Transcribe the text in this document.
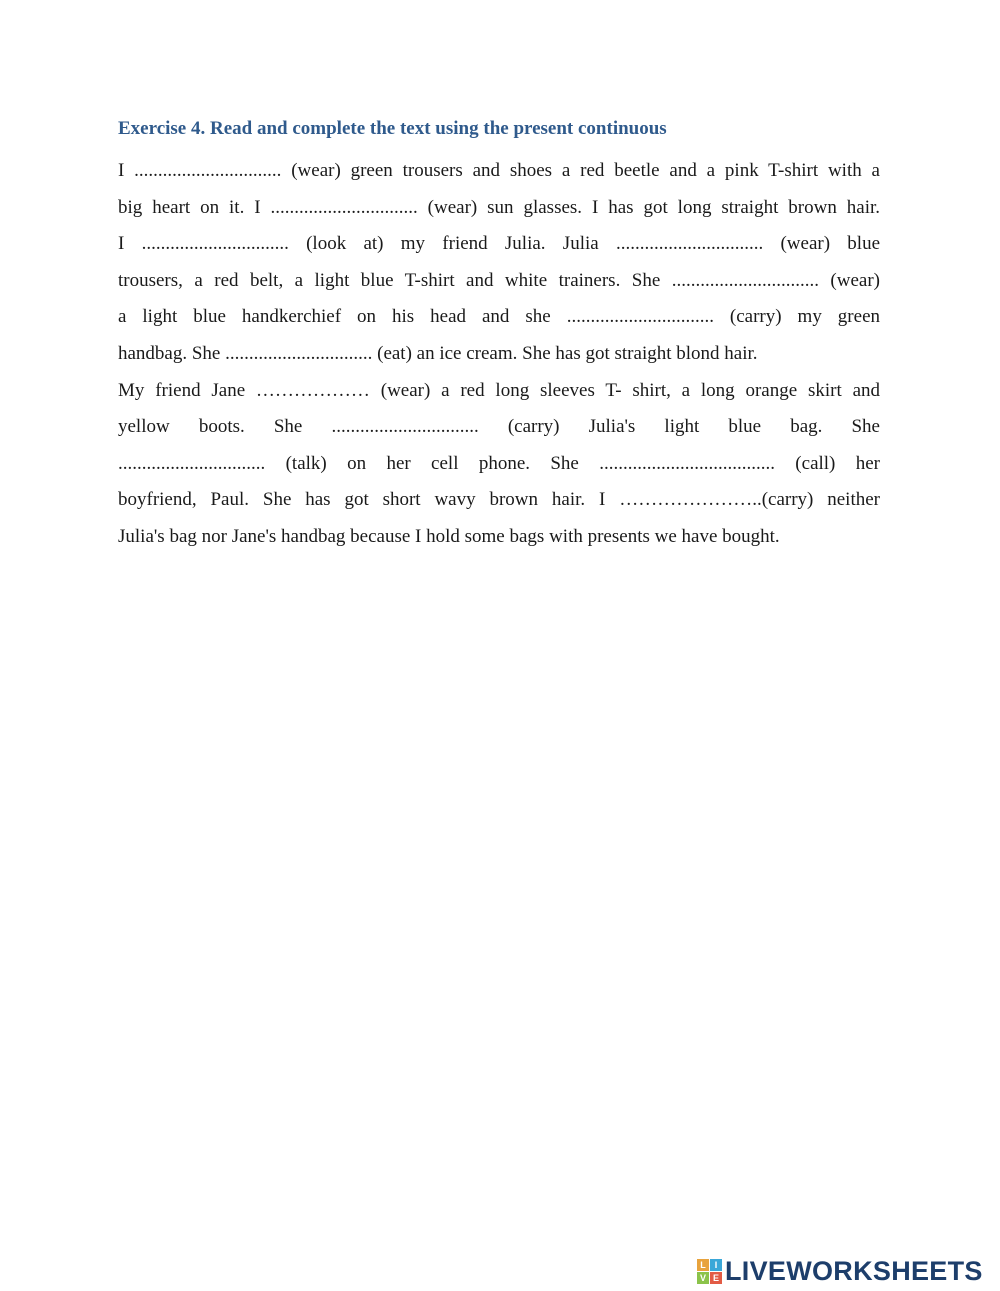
Exercise 4. Read and complete the text using the present continuous
I ............................... (wear) green trousers and shoes a red beetle and a pink T-shirt with a
big heart on it. I ............................... (wear) sun glasses. I has got long straight brown hair.
I ............................... (look at) my friend Julia. Julia ............................... (wear) blue
trousers, a red belt, a light blue T-shirt and white trainers. She ............................... (wear)
a light blue handkerchief on his head and she ............................... (carry) my green
handbag. She ............................... (eat) an ice cream. She has got straight blond hair.
My friend Jane ……………… (wear) a red long sleeves T- shirt, a long orange skirt and
yellow boots. She ............................... (carry) Julia's light blue bag. She
............................... (talk) on her cell phone. She ..................................... (call) her
boyfriend, Paul. She has got short wavy brown hair. I …………………..(carry) neither
Julia's bag nor Jane's handbag because I hold some bags with presents we have bought.
L I
V E LIVEWORKSHEETS
